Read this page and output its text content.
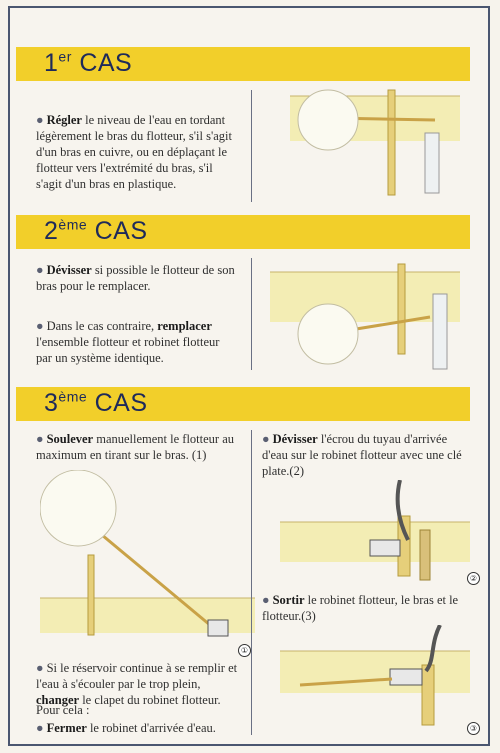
1er CAS
● Régler le niveau de l'eau en tordant légèrement le bras du flotteur, s'il s'agit d'un bras en cuivre, ou en déplaçant le flotteur vers l'extrémité du bras, s'il s'agit d'un bras en plastique.
2ème CAS
● Dévisser si possible le flotteur de son bras pour le remplacer.
● Dans le cas contraire, remplacer l'ensemble flotteur et robinet flotteur par un système identique.
3ème CAS
● Soulever manuellement le flotteur au maximum en tirant sur le bras. (1)
①
● Si le réservoir continue à se remplir et l'eau à s'écouler par le trop plein, changer le clapet du robinet flotteur.
Pour cela :
● Fermer le robinet d'arrivée d'eau.
● Dévisser l'écrou du tuyau d'arrivée d'eau sur le robinet flotteur avec une clé plate.(2)
②
● Sortir le robinet flotteur, le bras et le flotteur.(3)
③
